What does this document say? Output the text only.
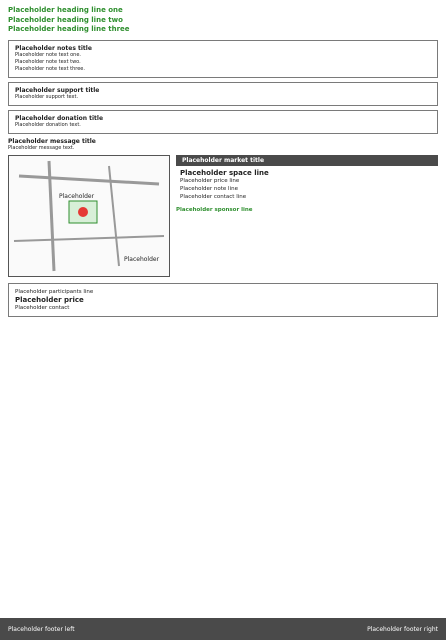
Placeholder heading line one

Placeholder heading line two

Placeholder heading line three

Placeholder notes title
Placeholder note text one.
Placeholder note text two.
Placeholder note text three.
Placeholder support title
Placeholder support text.
Placeholder donation title
Placeholder donation text.
Placeholder message title
Placeholder message text.
Placeholder
Placeholder
Placeholder market title
Placeholder space line
Placeholder price line
Placeholder note line
Placeholder contact line
Placeholder sponsor line
Placeholder participants line
Placeholder price
Placeholder contact
Placeholder footer left	Placeholder footer right
